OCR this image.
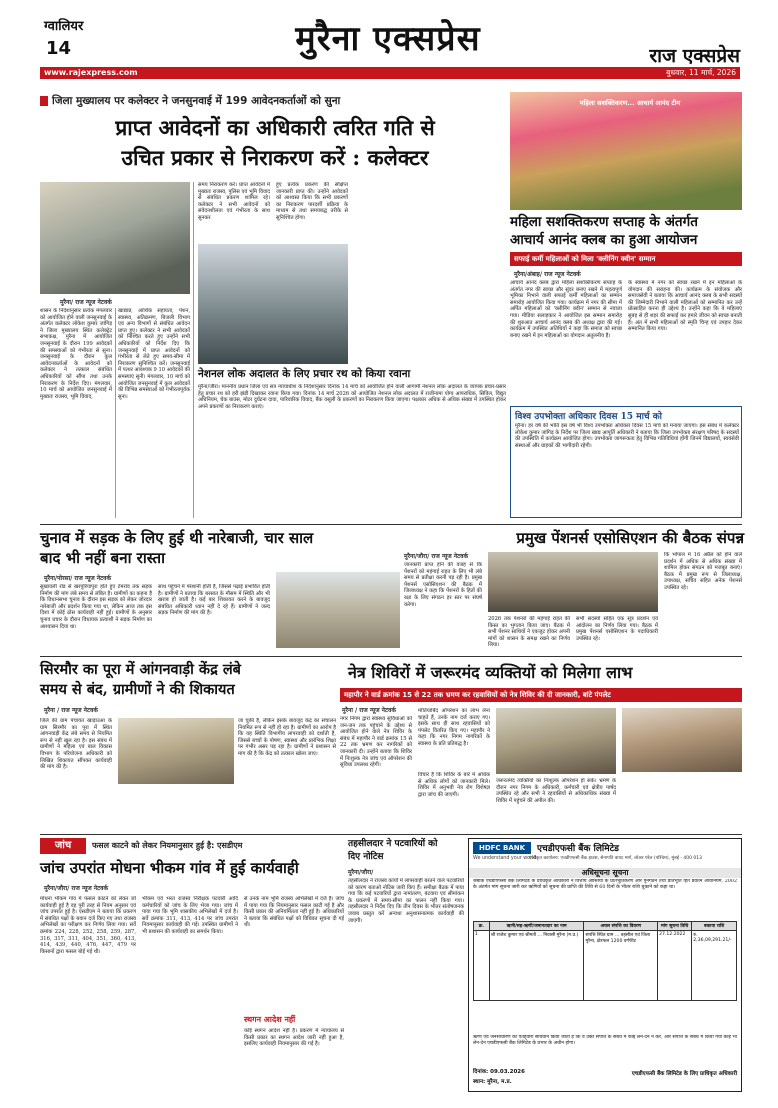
ग्वालियर
14	मुरैना एक्सप्रेस	राज एक्सप्रेस
www.rajexpress.com	बुधवार, 11 मार्च, 2026
जिला मुख्यालय पर कलेक्टर ने जनसुनवाई में 199 आवेदनकर्ताओं को सुना
प्राप्त आवेदनों का अधिकारी त्वरित गति से
उचित प्रकार से निराकरण करें : कलेक्टर
मुरैना/ राज न्यूज नेटवर्क
शासन के निर्देशानुसार प्रत्येक मंगलवार को आयोजित होने वाली जनसुनवाई के अंतर्गत कलेक्टर लोकेश कुमार जांगिड़ ने जिला मुख्यालय स्थित कलेक्ट्रेट सभाकक्ष, मुरैना में आयोजित जनसुनवाई के दौरान 199 आवेदकों की समस्याओं को गंभीरता से सुना। जनसुनवाई के दौरान कुल आवेदनकर्ताओं के आवेदनों को कलेक्टर ने तत्काल संबंधित अधिकारियों को सौंपा तथा उनके निराकरण के निर्देश दिए। मंगलवार, 10 मार्च को आयोजित जनसुनवाई में मुख्यतः राजस्व, भूमि विवाद,
खाद्यान्न, आर्थिक सहायता, पेंशन, स्वास्थ्य, अतिक्रमण, बिजली विभाग एवं अन्य विभागों से संबंधित आवेदन प्राप्त हुए। कलेक्टर ने सभी आवेदकों को निश्चित करते हुए उन्होंने सभी अधिकारियों को निर्देश दिए कि जनसुनवाई में प्राप्त आवेदनों को गंभीरता से लेते हुए समय-सीमा में निराकरण सुनिश्चित करें। जनसुनवाई में पत्थर आवश्यक 9 10 आवेदकों की समस्याएं सुनी। मंगलवार, 10 मार्च को आयोजित जनसुनवाई में कुल आवेदकों की विभिन्न समस्याओं को गंभीरतापूर्वक सुना।
समय निराकरण करें। प्राप्त आवेदनों में मुख्यतः राजस्व, पुलिस एवं भूमि विवाद से संबंधित प्रकरण शामिल रहे। कलेक्टर ने सभी आवेदनों को संवेदनशीलता एवं गंभीरता के साथ सुनकर
हुए प्रत्येक प्रकरण की संक्षिप्त जानकारी प्राप्त की। उन्होंने आवेदकों को आश्वस्त किया कि सभी प्रकरणों का निराकरण पारदर्शी प्रक्रिया के माध्यम से तथा समयबद्ध तरीके से सुनिश्चित होगा।
नेशनल लोक अदालत के लिए प्रचार रथ को किया रवाना
मुरैना/जौरा। माननीय प्रधान जिला एवं सत्र न्यायाधीश के निर्देशानुसार दिनांक 14 मार्च को आयोजित होने वाली आगामी नेशनल लोक अदालत के व्यापक प्रचार-प्रसार हेतु प्रचार रथ को हरी झंडी दिखाकर रवाना किया गया। दिनांक 14 मार्च 2026 को आयोजित नेशनल लोक अदालत में राजीनामा योग्य आपराधिक, सिविल, विद्युत अधिनियम, चेक बाउंस, मोटर दुर्घटना दावा, पारिवारिक विवाद, बैंक वसूली के प्रकरणों का निराकरण किया जाएगा। पक्षकार अधिक से अधिक संख्या में उपस्थित होकर अपने प्रकरणों का निराकरण कराएं।
महिला सशक्तिकरण... आचार्य आनंद टीम
महिला सशक्तिकरण सप्ताह के अंतर्गत
आचार्य आनंद क्लब का हुआ आयोजन
सफाई कर्मी महिलाओं को मिला 'क्लीनिंग क्वीन' सम्मान
मुरैना/अंबाह/ राज न्यूज नेटवर्क
आचार्य आनंद क्लब द्वारा महिला सशक्तिकरण सप्ताह के अंतर्गत नगर की स्वच्छ और सुंदर बनाए रखने में महत्वपूर्ण भूमिका निभाने वाली सफाई कर्मी महिलाओं का सम्मान समारोह आयोजित किया गया। कार्यक्रम में नगर की सीमा में अर्पित महिलाओं को 'क्लीनिंग क्वीन' सम्मान से नवाजा गया। मीडिया सलाहकार ने आयोजित इस सम्मान समारोह की शुरुआत आचार्य आनंद क्लब की अध्यक्ष द्वारा की गई। कार्यक्रम में उपस्थित अतिथियों ने कहा कि समाज को स्वच्छ बनाए रखने में इन महिलाओं का योगदान अतुलनीय है।
के स्वास्थ्य में नगर को स्वच्छ रखने में इन महिलाओं के योगदान की सराहना की। कार्यक्रम के संयोजक और समाजसेवी ने बताया कि आचार्य आनंद क्लब के सभी सदस्यों की जिम्मेदारी निभाने वाली महिलाओं को सम्मानित कर उन्हें प्रोत्साहित करना ही उद्देश्य है। उन्होंने कहा कि ये महिलाएं सुबह से ही शहर की सफाई कर हमारे जीवन को स्वच्छ बनाती हैं। अंत में सभी महिलाओं को स्मृति चिन्ह एवं उपहार देकर सम्मानित किया गया।
विश्व उपभोक्ता अधिकार दिवस 15 मार्च को
मुरैना। हर वर्ष की भांति इस वर्ष भी विश्व उपभोक्ता अधिकार दिवस 15 मार्च को मनाया जाएगा। इस संबंध में कलेक्टर लोकेश कुमार जांगिड़ के निर्देश पर जिला खाद्य आपूर्ति अधिकारी ने बताया कि जिला उपभोक्ता संरक्षण परिषद के सदस्यों की उपस्थिति में कार्यक्रम आयोजित होगा। उपभोक्ता जागरूकता हेतु विभिन्न गतिविधियां होंगी जिनमें विद्यालयों, स्वयंसेवी संस्थाओं और ग्राहकों की भागीदारी रहेगी।
चुनाव में सड़क के लिए हुई थी नारेबाजी, चार साल
बाद भी नहीं बना रास्ता
मुरैना/पोरसा/ राज न्यूज नेटवर्क
सुखावली रोड से खरपुरियापुरा होते हुए टेमरांव तक सड़क निर्माण की मांग लंबे समय से लंबित है। ग्रामीणों का कहना है कि विधानसभा चुनाव के दौरान इस सड़क को लेकर जोरदार नारेबाजी और प्रदर्शन किया गया था, लेकिन आज तक इस दिशा में कोई ठोस कार्यवाही नहीं हुई। ग्रामीणों के अनुसार चुनाव प्रचार के दौरान विधायक प्रत्याशी ने सड़क निर्माण का आश्वासन दिया था।
साथ पहुंचने में परेशानी होती है, जिससे पढ़ाई प्रभावित होती है। ग्रामीणों ने बताया कि बरसात के मौसम में स्थिति और भी खराब हो जाती है। कई बार शिकायत करने के बावजूद संबंधित अधिकारी ध्यान नहीं दे रहे हैं। ग्रामीणों ने जल्द सड़क निर्माण की मांग की है।
प्रमुख पेंशनर्स एसोसिएशन की बैठक संपन्न
मुरैना/जौरा/ राज न्यूज नेटवर्क
जानकारी प्राप्त होने की वजह से कि पेंशनरों को महंगाई राहत के लिए भी लंबे समय से प्रतीक्षा करनी पड़ रही है। प्रमुख पेंशनर्स एसोसिएशन की बैठक में जिलाध्यक्ष ने कहा कि पेंशनरों के हितों की रक्षा के लिए संगठन हर स्तर पर संघर्ष करेगा।
2026 तक पेंशनरों की महंगाई राहत की किस्त का भुगतान किया जाए। बैठक में सभी पेंशनर साथियों ने एकजुट होकर अपनी मांगों को शासन के समक्ष रखने का निर्णय लिया।
सभी सदस्यों सहित एक सूत्र प्रदर्शन एवं आंदोलन का निर्णय लिया गया। बैठक में प्रमुख पेंशनर्स एसोसिएशन के पदाधिकारी उपस्थित रहे।
कि भोपाल में 16 अप्रैल को होने वाले प्रदर्शन में अधिक से अधिक संख्या में शामिल होकर संगठन को मजबूत बनाएं। बैठक में प्रमुख रूप से जिलाध्यक्ष, उपाध्यक्ष, सचिव सहित अनेक पेंशनर्स उपस्थित रहे।
सिरमौर का पूरा में आंगनवाड़ी केंद्र लंबे
समय से बंद, ग्रामीणों ने की शिकायत
मुरैना / राज न्यूज नेटवर्क
जिले की ग्राम पंचायत खाड़ाउआ के ग्राम सिरमौर का पूरा में स्थित आंगनवाड़ी केंद्र लंबे समय से नियमित रूप से नहीं खुल रहा है। इस संबंध में ग्रामीणों ने महिला एवं बाल विकास विभाग के परियोजना अधिकारी को लिखित शिकायत सौंपकर कार्यवाही की मांग की है।
जा चुकी है, लेकिन इसके बावजूद केंद्र का संचालन नियमित रूप से नहीं हो रहा है। ग्रामीणों का आरोप है कि यह स्थिति विभागीय लापरवाही को दर्शाती है, जिससे बच्चों के पोषण, स्वास्थ्य और प्रारंभिक शिक्षा पर गंभीर असर पड़ रहा है। ग्रामीणों ने प्रशासन से मांग की है कि केंद्र को तत्काल खोला जाए।
नेत्र शिविरों में जरूरमंद व्यक्तियों को मिलेगा लाभ
महापौर ने वार्ड क्रमांक 15 से 22 तक भ्रमण कर रहवासियों को नेत्र शिविर की दी जानकारी, बांटे पंपलेट
मुरैना / राज न्यूज नेटवर्क
नगर निगम द्वारा स्वास्थ्य सुविधाओं को जन-जन तक पहुंचाने के उद्देश्य से आयोजित होने वाले नेत्र शिविर के संबंध में महापौर ने वार्ड क्रमांक 15 से 22 तक भ्रमण कर नागरिकों को जानकारी दी। उन्होंने बताया कि शिविर में निःशुल्क नेत्र जांच एवं ऑपरेशन की सुविधा उपलब्ध रहेगी।
मोतियाबिंद ऑपरेशन का लाभ लेना चाहते हैं, उनके नाम दर्ज कराए गए। इसके साथ ही साथ रहवासियों को पंपलेट वितरित किए गए। महापौर ने कहा कि नगर निगम नागरिकों के स्वास्थ्य के प्रति प्रतिबद्ध है।
विचार है कि शिविर के बारे में अधिक से अधिक लोगों को जानकारी मिले। शिविर में अनुभवी नेत्र रोग विशेषज्ञ द्वारा जांच की जाएगी।
जरूरतमंद व्यक्तियों का निःशुल्क ऑपरेशन हो सके। भ्रमण के दौरान नगर निगम के अधिकारी, कर्मचारी एवं क्षेत्रीय पार्षद उपस्थित रहे और सभी ने रहवासियों से अधिकाधिक संख्या में शिविर में पहुंचने की अपील की।
जांच	फसल काटने को लेकर नियमानुसार हुई है: एसडीएम
जांच उपरांत मोधना भीकम गांव में हुई कार्यवाही
मुरैना/जौरा/ राज न्यूज नेटवर्क
मोधना भीकम गांव में फसल काटने को लेकर जो कार्यवाही हुई है वह पूरी तरह से नियम अनुसार एवं जांच उपरांत हुई है। एसडीएम ने बताया कि प्रकरण में संबंधित पक्षों के बयान दर्ज किए गए तथा राजस्व अभिलेखों का परीक्षण कर निर्णय लिया गया। सर्वे क्रमांक 224, 228, 252, 258, 259, 287, 316, 317, 311, 404, 351, 360, 413, 414, 439, 440, 476, 447, 479 पर किसानों द्वारा फसल बोई गई थी।
भीकम एवं भरत राजस्व निरीक्षक पटवारी आदि कर्मचारियों को जांच के लिए भेजा गया। जांच में पाया गया कि भूमि शासकीय अभिलेखों में दर्ज है। सर्वे क्रमांक 311, 413, 414 पर जांच उपरांत नियमानुसार कार्यवाही की गई। उपस्थित ग्रामीणों ने भी प्रशासन की कार्यवाही का समर्थन किया।
से उनके नाम भूमि राजस्व अभिलेखों में दर्ज है। जांच में पाया गया कि नियमानुसार फसल काटी गई है और किसी प्रकार की अनियमितता नहीं हुई है। अधिकारियों ने बताया कि संबंधित पक्षों को विधिवत सूचना दी गई थी।
स्थगन आदेश नहीं
कोई स्थगन आदेश नहीं है। प्रकरण में न्यायालय से किसी प्रकार का स्थगन आदेश जारी नहीं हुआ है, इसलिए कार्यवाही नियमानुसार की गई है।
तहसीलदार ने पटवारियों को
दिए नोटिस
मुरैना/जौरा/
तहसीलदार ने राजस्व कार्यों में लापरवाही बरतने वाले पटवारियों को कारण बताओ नोटिस जारी किए हैं। समीक्षा बैठक में पाया गया कि कई पटवारियों द्वारा नामांतरण, बंटवारा एवं सीमांकन के प्रकरणों में समय-सीमा का पालन नहीं किया गया। तहसीलदार ने निर्देश दिए कि तीन दिवस के भीतर संतोषजनक जवाब प्रस्तुत करें अन्यथा अनुशासनात्मक कार्यवाही की जाएगी।
HDFC BANK	एचडीएफसी बैंक लिमिटेड
We understand your world
पंजीकृत कार्यालय: एचडीएफसी बैंक हाउस, सेनापति बापट मार्ग, लोअर परेल (पश्चिम), मुंबई - 400 013
अधिसूचना सूचना
जबकि एचडीएफसी बैंक लिमिटेड के प्राधिकृत अधिकारी ने वित्तीय आस्तियों के प्रतिभूतिकरण और पुनर्गठन तथा प्रतिभूति हित प्रवर्तन अधिनियम, 2002 के अंतर्गत मांग सूचना जारी कर ऋणियों को सूचना की प्राप्ति की तिथि से 60 दिनों के भीतर राशि चुकाने को कहा था।
क्र.	ऋणी/सह-ऋणी/जमानतदार का नाम	अचल संपत्ति का विवरण	मांग सूचना तिथि	बकाया राशि
1	श्री राजेश कुमार एवं श्रीमती ... निवासी मुरैना (म.प्र.)	संपत्ति स्थित ग्राम ... तहसील एवं जिला मुरैना, क्षेत्रफल 1200 वर्गफीट	27.12.2022	रु. 2,36,09,291.21/-
ऋणी एवं जनसाधारण को एतद्द्वारा सावधान किया जाता है कि वे उक्त संपत्ति के संबंध में कोई लेन-देन न करें, और संपत्ति के संबंध में किया गया कोई भी लेन-देन एचडीएफसी बैंक लिमिटेड के प्रभार के अधीन होगा।
दिनांक: 09.03.2026
स्थान: मुरैना, म.प्र.
एचडीएफसी बैंक लिमिटेड के लिए प्राधिकृत अधिकारी
